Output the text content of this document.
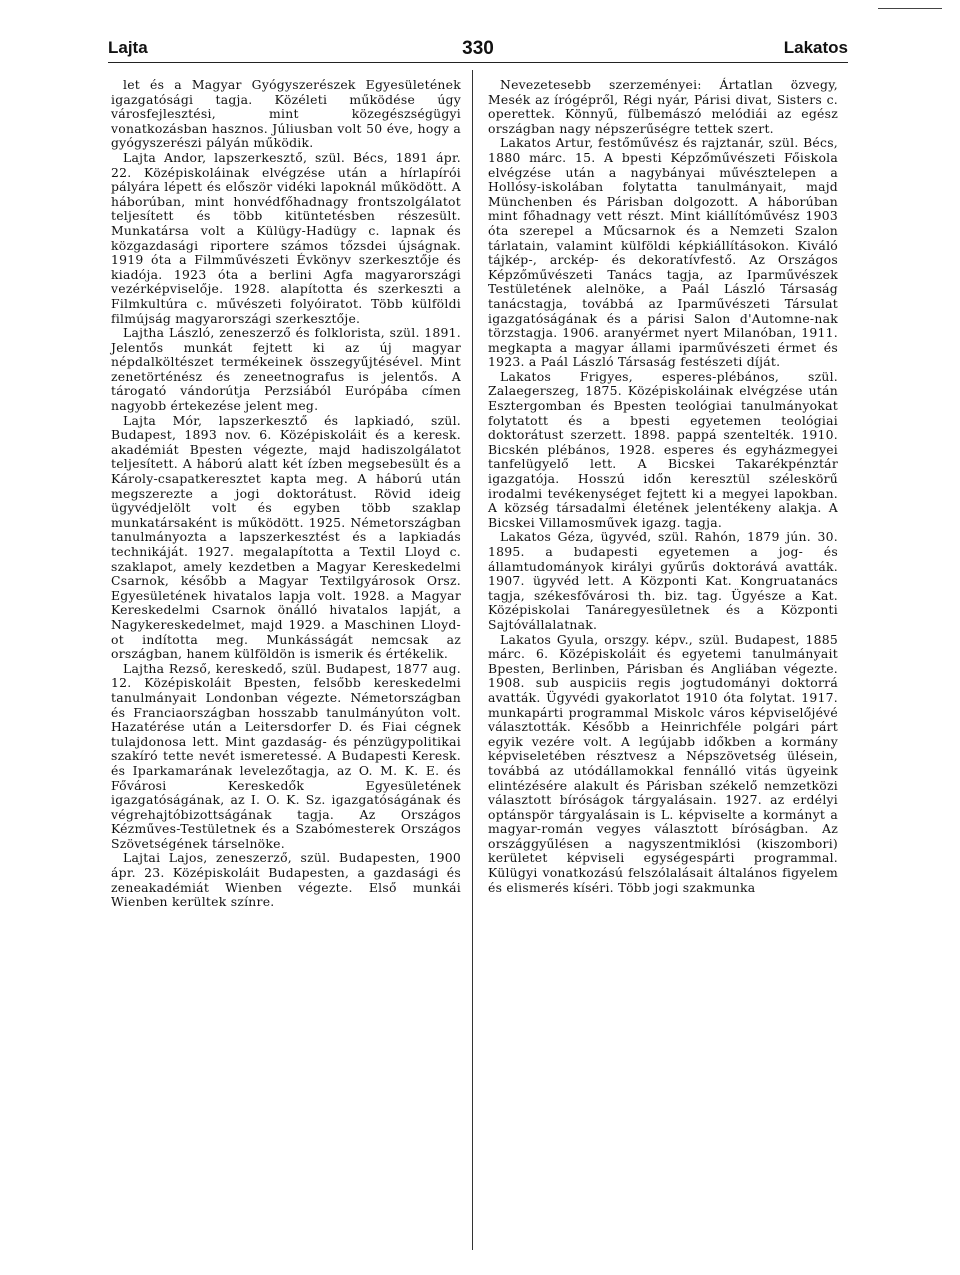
Lajta	330	Lakatos

let és a Magyar Gyógyszerészek Egyesületének igazgatósági tagja. Közéleti működése úgy városfejlesztési, mint közegészségügyi vonatkozásban hasznos. Júliusban volt 50 éve, hogy a gyógyszerészi pályán működik.

Lajta Andor, lapszerkesztő, szül. Bécs, 1891 ápr. 22. Középiskoláinak elvégzése után a hírlapírói pályára lépett és először vidéki lapoknál működött. A háborúban, mint honvédfőhadnagy frontszolgálatot teljesített és több kitüntetésben részesült. Munkatársa volt a Külügy-Hadügy c. lapnak és közgazdasági riportere számos tőzsdei újságnak. 1919 óta a Filmművészeti Évkönyv szerkesztője és kiadója. 1923 óta a berlini Agfa magyarországi vezérképviselője. 1928. alapította és szerkeszti a Filmkultúra c. művészeti folyóiratot. Több külföldi filmújság magyarországi szerkesztője.

Lajtha László, zeneszerző és folklorista, szül. 1891. Jelentős munkát fejtett ki az új magyar népdalköltészet termékeinek összegyűjtésével. Mint zenetörténész és zeneetnografus is jelentős. A tárogató vándorútja Perzsiából Európába címen nagyobb értekezése jelent meg.

Lajta Mór, lapszerkesztő és lapkiadó, szül. Budapest, 1893 nov. 6. Középiskoláit és a keresk. akadémiát Bpesten végezte, majd hadiszolgálatot teljesített. A háború alatt két ízben megsebesült és a Károly-csapatkeresztet kapta meg. A háború után megszerezte a jogi doktorátust. Rövid ideig ügyvédjelölt volt és egyben több szaklap munkatársaként is működött. 1925. Németországban tanulmányozta a lapszerkesztést és a lapkiadás technikáját. 1927. megalapította a Textil Lloyd c. szaklapot, amely kezdetben a Magyar Kereskedelmi Csarnok, később a Magyar Textilgyárosok Orsz. Egyesületének hivatalos lapja volt. 1928. a Magyar Kereskedelmi Csarnok önálló hivatalos lapját, a Nagykereskedelmet, majd 1929. a Maschinen Lloyd-ot indította meg. Munkásságát nemcsak az országban, hanem külföldön is ismerik és értékelik.

Lajtha Rezső, kereskedő, szül. Budapest, 1877 aug. 12. Középiskoláit Bpesten, felsőbb kereskedelmi tanulmányait Londonban végezte. Németországban és Franciaországban hosszabb tanulmányúton volt. Hazatérése után a Leitersdorfer D. és Fiai cégnek tulajdonosa lett. Mint gazdaság- és pénzügypolitikai szakíró tette nevét ismeretessé. A Budapesti Keresk. és Iparkamarának levelezőtagja, az O. M. K. E. és Fővárosi Kereskedők Egyesületének igazgatóságának, az I. O. K. Sz. igazgatóságának és végrehajtóbizottságának tagja. Az Országos Kézműves-Testületnek és a Szabómesterek Országos Szövetségének társelnöke.

Lajtai Lajos, zeneszerző, szül. Budapesten, 1900 ápr. 23. Középiskoláit Budapesten, a gazdasági és zeneakadémiát Wienben végezte. Első munkái Wienben kerültek színre.

Nevezetesebb szerzeményei: Ártatlan özvegy, Mesék az írógépről, Régi nyár, Párisi divat, Sisters c. operettek. Könnyű, fülbemászó melódiái az egész országban nagy népszerűségre tettek szert.

Lakatos Artur, festőművész és rajztanár, szül. Bécs, 1880 márc. 15. A bpesti Képzőművészeti Főiskola elvégzése után a nagybányai művésztelepen a Hollósy-iskolában folytatta tanulmányait, majd Münchenben és Párisban dolgozott. A háborúban mint főhadnagy vett részt. Mint kiállítóművész 1903 óta szerepel a Műcsarnok és a Nemzeti Szalon tárlatain, valamint külföldi képkiállításokon. Kiváló tájkép-, arckép- és dekoratívfestő. Az Országos Képzőművészeti Tanács tagja, az Iparművészek Testületének alelnöke, a Paál László Társaság tanácstagja, továbbá az Iparművészeti Társulat igazgatóságának és a párisi Salon d'Automne-nak törzstagja. 1906. aranyérmet nyert Milanóban, 1911. megkapta a magyar állami iparművészeti érmet és 1923. a Paál László Társaság festészeti díját.

Lakatos Frigyes, esperes-plébános, szül. Zalaegerszeg, 1875. Középiskoláinak elvégzése után Esztergomban és Bpesten teológiai tanulmányokat folytatott és a bpesti egyetemen teológiai doktorátust szerzett. 1898. pappá szentelték. 1910. Bicskén plébános, 1928. esperes és egyházmegyei tanfelügyelő lett. A Bicskei Takarékpénztár igazgatója. Hosszú időn keresztül széleskörű irodalmi tevékenységet fejtett ki a megyei lapokban. A község társadalmi életének jelentékeny alakja. A Bicskei Villamosművek igazg. tagja.

Lakatos Géza, ügyvéd, szül. Rahón, 1879 jún. 30. 1895. a budapesti egyetemen a jog- és államtudományok királyi gyűrűs doktorává avatták. 1907. ügyvéd lett. A Központi Kat. Kongruatanács tagja, székesfővárosi th. biz. tag. Ügyésze a Kat. Középiskolai Tanáregyesületnek és a Központi Sajtóvállalatnak.

Lakatos Gyula, orszgy. képv., szül. Budapest, 1885 márc. 6. Középiskoláit és egyetemi tanulmányait Bpesten, Berlinben, Párisban és Angliában végezte. 1908. sub auspiciis regis jogtudományi doktorrá avatták. Ügyvédi gyakorlatot 1910 óta folytat. 1917. munkapárti programmal Miskolc város képviselőjévé választották. Később a Heinrichféle polgári párt egyik vezére volt. A legújabb időkben a kormány képviseletében résztvesz a Népszövetség ülésein, továbbá az utódállamokkal fennálló vitás ügyeink elintézésére alakult és Párisban székelő nemzetközi választott bíróságok tárgyalásain. 1927. az erdélyi optánspör tárgyalásain is L. képviselte a kormányt a magyar-román vegyes választott bíróságban. Az országgyűlésen a nagyszentmiklósi (kiszombori) kerületet képviseli egységespárti programmal. Külügyi vonatkozású felszólalásait általános figyelem és elismerés kíséri. Több jogi szakmunka
